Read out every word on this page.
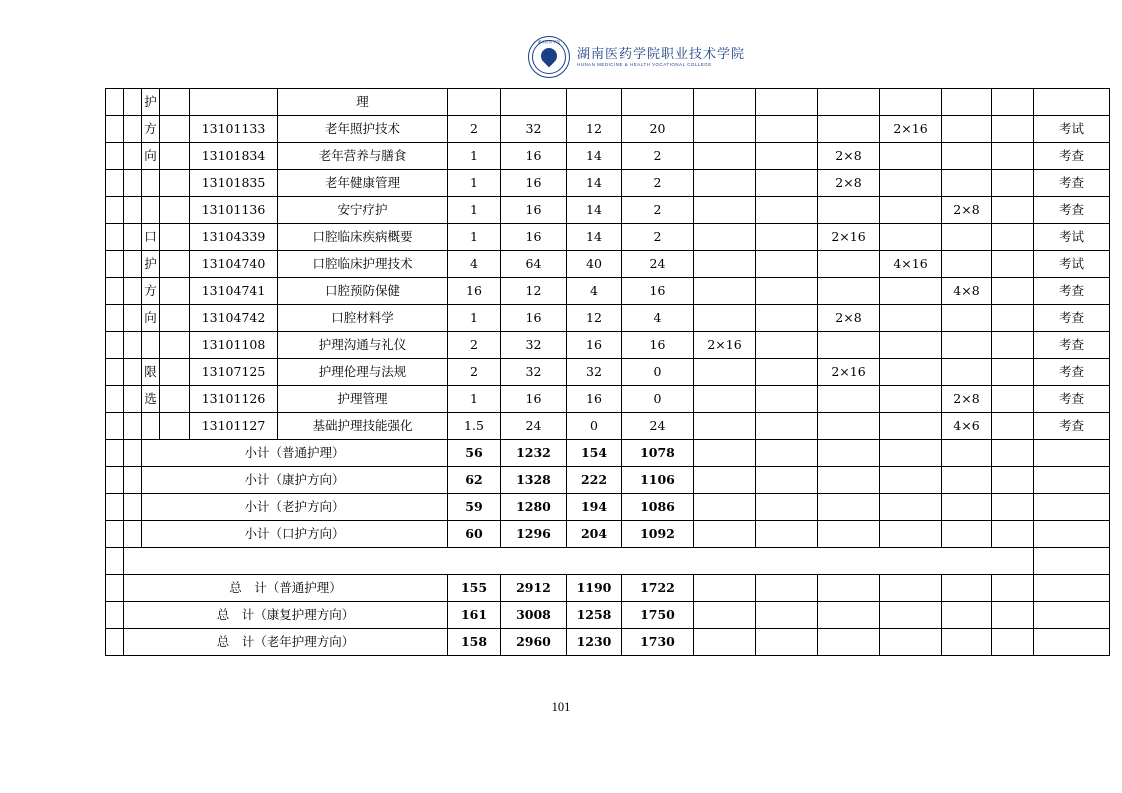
湖南医药学院
湖南医药学院职业技术学院
HUNAN MEDICINE & HEALTH VOCATIONAL COLLEGE
		护			理											
		方		13101133	老年照护技术	2	32	12	20				2×16			考试
		向		13101834	老年营养与膳食	1	16	14	2			2×8				考查
				13101835	老年健康管理	1	16	14	2			2×8				考查
				13101136	安宁疗护	1	16	14	2					2×8		考查
		口		13104339	口腔临床疾病概要	1	16	14	2			2×16				考试
		护		13104740	口腔临床护理技术	4	64	40	24				4×16			考试
		方		13104741	口腔预防保健	16	12	4	16					4×8		考查
		向		13104742	口腔材料学	1	16	12	4			2×8				考查
				13101108	护理沟通与礼仪	2	32	16	16	2×16						考查
		限		13107125	护理伦理与法规	2	32	32	0			2×16				考查
		选		13101126	护理管理	1	16	16	0					2×8		考查
				13101127	基础护理技能强化	1.5	24	0	24					4×6		考查
		小计（普通护理）				56	1232	154	1078							
		小计（康护方向）				62	1328	222	1106							
		小计（老护方向）				59	1280	194	1086							
		小计（口护方向）				60	1296	204	1092							

	总　计（普通护理）					155	2912	1190	1722							
	总　计（康复护理方向）					161	3008	1258	1750							
	总　计（老年护理方向）					158	2960	1230	1730							
101
